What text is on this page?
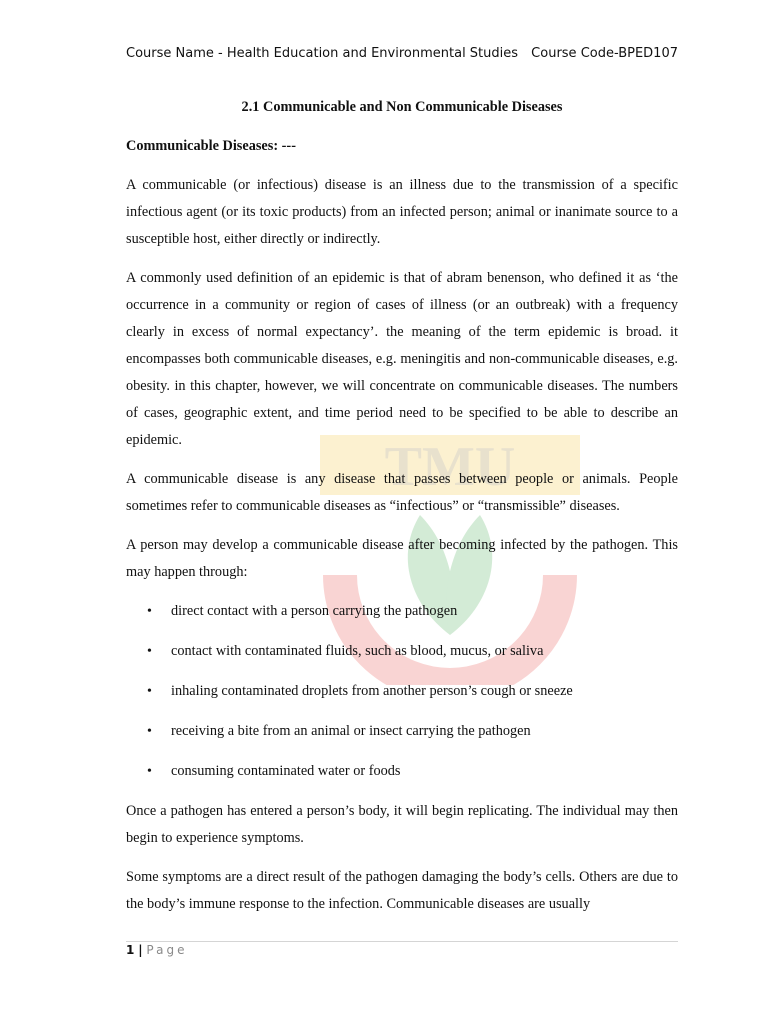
Course Name - Health Education and Environmental Studies Course Code-BPED107
TMU
2.1 Communicable and Non Communicable Diseases
Communicable Diseases: ---

A communicable (or infectious) disease is an illness due to the transmission of a specific infectious agent (or its toxic products) from an infected person; animal or inanimate source to a susceptible host, either directly or indirectly.

A commonly used definition of an epidemic is that of abram benenson, who defined it as ‘the occurrence in a community or region of cases of illness (or an outbreak) with a frequency clearly in excess of normal expectancy’. the meaning of the term epidemic is broad. it encompasses both communicable diseases, e.g. meningitis and non-communicable diseases, e.g. obesity. in this chapter, however, we will concentrate on communicable diseases. The numbers of cases, geographic extent, and time period need to be specified to be able to describe an epidemic.

A communicable disease is any disease that passes between people or animals. People sometimes refer to communicable diseases as “infectious” or “transmissible” diseases.

A person may develop a communicable disease after becoming infected by the pathogen. This may happen through:

• direct contact with a person carrying the pathogen
• contact with contaminated fluids, such as blood, mucus, or saliva
• inhaling contaminated droplets from another person’s cough or sneeze
• receiving a bite from an animal or insect carrying the pathogen
• consuming contaminated water or foods

Once a pathogen has entered a person’s body, it will begin replicating. The individual may then begin to experience symptoms.

Some symptoms are a direct result of the pathogen damaging the body’s cells. Others are due to the body’s immune response to the infection. Communicable diseases are usually

1 | Page
